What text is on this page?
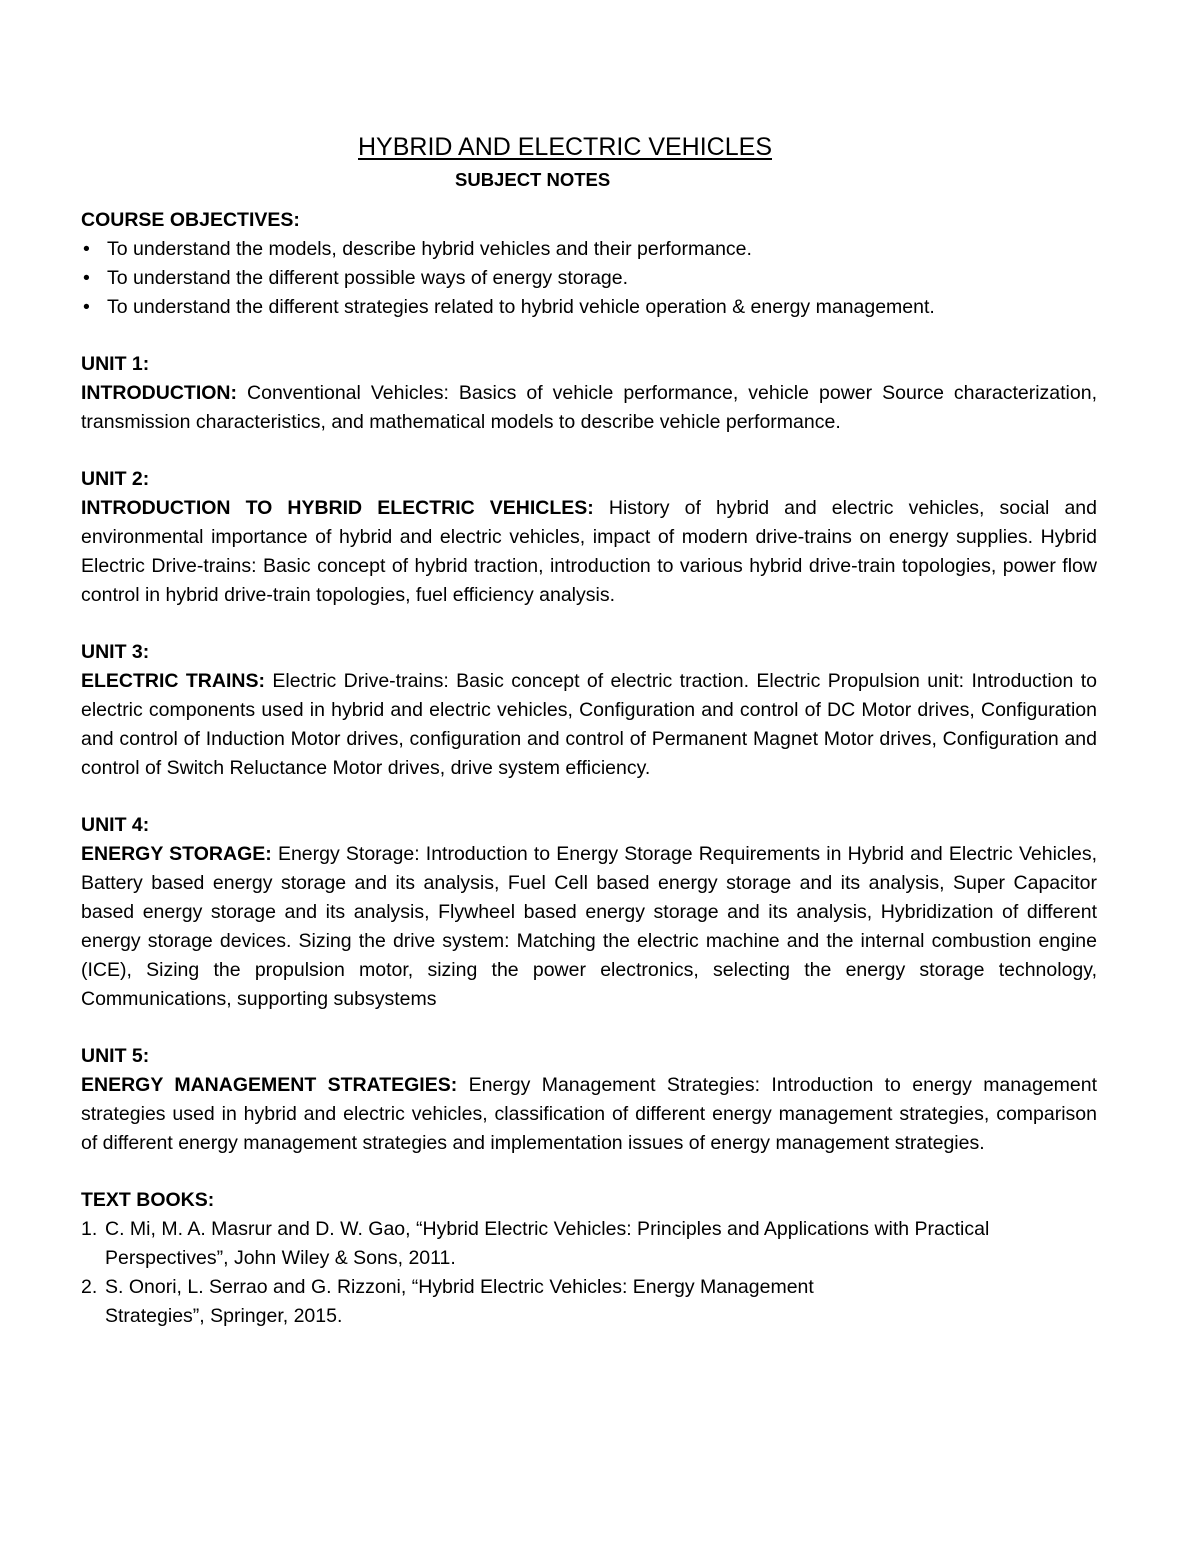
HYBRID AND ELECTRIC VEHICLES
SUBJECT NOTES

COURSE OBJECTIVES:

• To understand the models, describe hybrid vehicles and their performance.
• To understand the different possible ways of energy storage.
• To understand the different strategies related to hybrid vehicle operation & energy management.

UNIT 1:

INTRODUCTION: Conventional Vehicles: Basics of vehicle performance, vehicle power Source characterization, transmission characteristics, and mathematical models to describe vehicle performance.

UNIT 2:

INTRODUCTION TO HYBRID ELECTRIC VEHICLES: History of hybrid and electric vehicles, social and environmental importance of hybrid and electric vehicles, impact of modern drive-trains on energy supplies. Hybrid Electric Drive-trains: Basic concept of hybrid traction, introduction to various hybrid drive-train topologies, power flow control in hybrid drive-train topologies, fuel efficiency analysis.

UNIT 3:

ELECTRIC TRAINS: Electric Drive-trains: Basic concept of electric traction. Electric Propulsion unit: Introduction to electric components used in hybrid and electric vehicles, Configuration and control of DC Motor drives, Configuration and control of Induction Motor drives, configuration and control of Permanent Magnet Motor drives, Configuration and control of Switch Reluctance Motor drives, drive system efficiency.

UNIT 4:

ENERGY STORAGE: Energy Storage: Introduction to Energy Storage Requirements in Hybrid and Electric Vehicles, Battery based energy storage and its analysis, Fuel Cell based energy storage and its analysis, Super Capacitor based energy storage and its analysis, Flywheel based energy storage and its analysis, Hybridization of different energy storage devices. Sizing the drive system: Matching the electric machine and the internal combustion engine (ICE), Sizing the propulsion motor, sizing the power electronics, selecting the energy storage technology, Communications, supporting subsystems

UNIT 5:

ENERGY MANAGEMENT STRATEGIES: Energy Management Strategies: Introduction to energy management strategies used in hybrid and electric vehicles, classification of different energy management strategies, comparison of different energy management strategies and implementation issues of energy management strategies.

TEXT BOOKS:

1. C. Mi, M. A. Masrur and D. W. Gao, “Hybrid Electric Vehicles: Principles and Applications with Practical Perspectives”, John Wiley & Sons, 2011.
2. S. Onori, L. Serrao and G. Rizzoni, “Hybrid Electric Vehicles: Energy Management Strategies”, Springer, 2015.
